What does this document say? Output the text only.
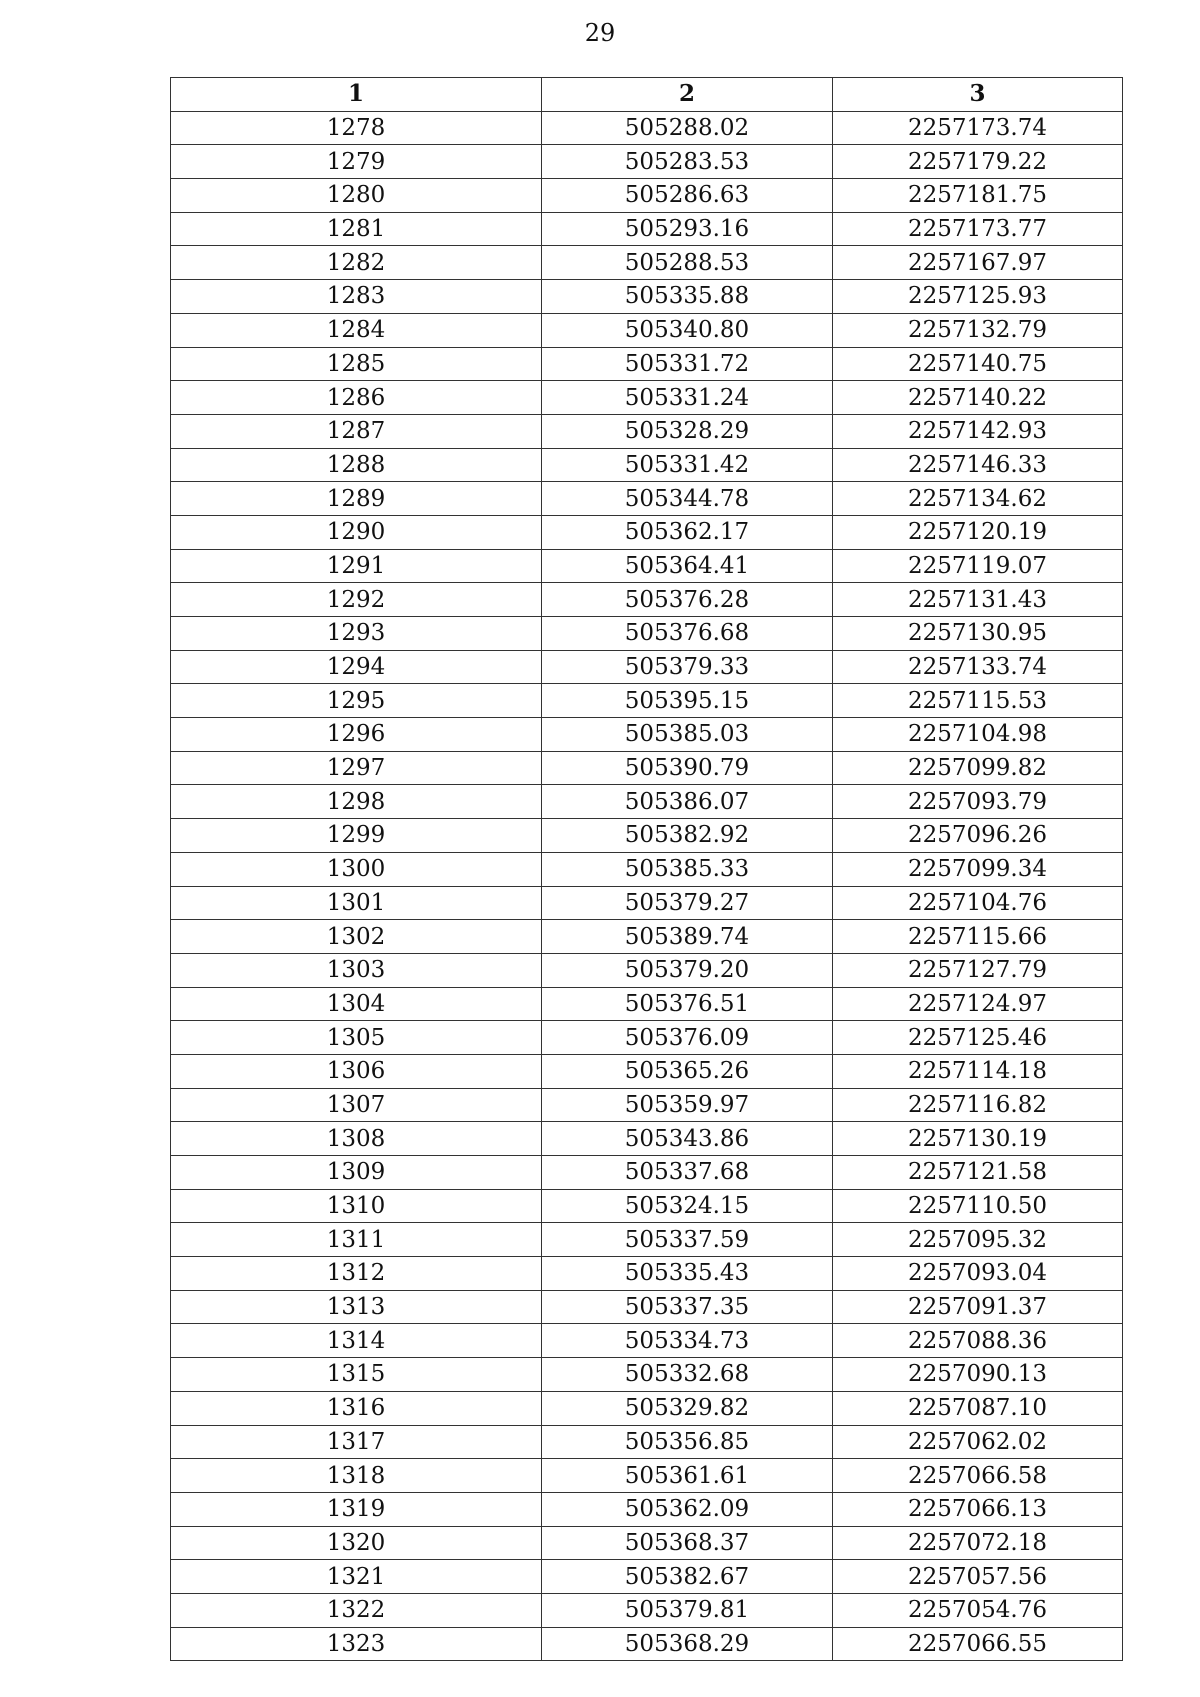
29
1	2	3
1278	505288.02	2257173.74
1279	505283.53	2257179.22
1280	505286.63	2257181.75
1281	505293.16	2257173.77
1282	505288.53	2257167.97
1283	505335.88	2257125.93
1284	505340.80	2257132.79
1285	505331.72	2257140.75
1286	505331.24	2257140.22
1287	505328.29	2257142.93
1288	505331.42	2257146.33
1289	505344.78	2257134.62
1290	505362.17	2257120.19
1291	505364.41	2257119.07
1292	505376.28	2257131.43
1293	505376.68	2257130.95
1294	505379.33	2257133.74
1295	505395.15	2257115.53
1296	505385.03	2257104.98
1297	505390.79	2257099.82
1298	505386.07	2257093.79
1299	505382.92	2257096.26
1300	505385.33	2257099.34
1301	505379.27	2257104.76
1302	505389.74	2257115.66
1303	505379.20	2257127.79
1304	505376.51	2257124.97
1305	505376.09	2257125.46
1306	505365.26	2257114.18
1307	505359.97	2257116.82
1308	505343.86	2257130.19
1309	505337.68	2257121.58
1310	505324.15	2257110.50
1311	505337.59	2257095.32
1312	505335.43	2257093.04
1313	505337.35	2257091.37
1314	505334.73	2257088.36
1315	505332.68	2257090.13
1316	505329.82	2257087.10
1317	505356.85	2257062.02
1318	505361.61	2257066.58
1319	505362.09	2257066.13
1320	505368.37	2257072.18
1321	505382.67	2257057.56
1322	505379.81	2257054.76
1323	505368.29	2257066.55
